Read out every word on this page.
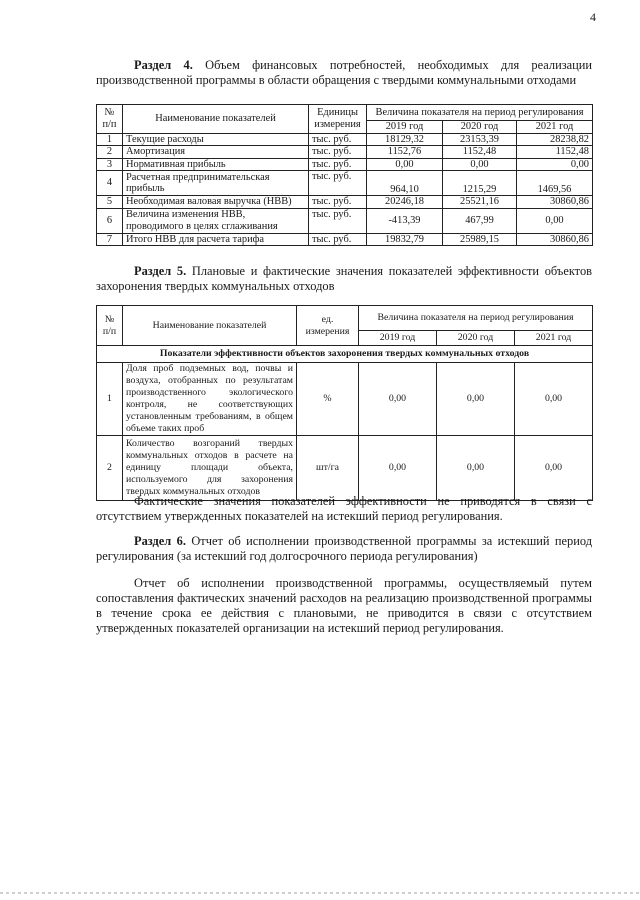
4
Раздел 4. Объем финансовых потребностей, необходимых для реализации производственной программы в области обращения с твердыми коммунальными отходами
№ п/п	Наименование показателей	Единицы измерения	Величина показателя на период регулирования		
			2019 год	2020 год	2021 год
1	Текущие расходы	тыс. руб.	18129,32	23153,39	28238,82
2	Амортизация	тыс. руб.	1152,76	1152,48	1152,48
3	Нормативная прибыль	тыс. руб.	0,00	0,00	0,00
4	Расчетная предпринимательская прибыль	тыс. руб.	964,10	1215,29	1469,56
5	Необходимая валовая выручка (НВВ)	тыс. руб.	20246,18	25521,16	30860,86
6	Величина изменения НВВ, проводимого в целях сглаживания	тыс. руб.	-413,39	467,99	0,00
7	Итого НВВ для расчета тарифа	тыс. руб.	19832,79	25989,15	30860,86
Раздел 5. Плановые и фактические значения показателей эффективности объектов захоронения твердых коммунальных отходов
№ п/п	Наименование показателей	ед. измерения	Величина показателя на период регулирования		
			2019 год	2020 год	2021 год
Показатели эффективности объектов захоронения твердых коммунальных отходов					
1	Доля проб подземных вод, почвы и воздуха, отобранных по результатам производственного экологического контроля, не соответствующих установленным требованиям, в общем объеме таких проб	%	0,00	0,00	0,00
2	Количество возгораний твердых коммунальных отходов в расчете на единицу площади объекта, используемого для захоронения твердых коммунальных отходов	шт/га	0,00	0,00	0,00
Фактические значения показателей эффективности не приводятся в связи с отсутствием утвержденных показателей на истекший период регулирования.
Раздел 6. Отчет об исполнении производственной программы за истекший период регулирования (за истекший год долгосрочного периода регулирования)
Отчет об исполнении производственной программы, осуществляемый путем сопоставления фактических значений расходов на реализацию производственной программы в течение срока ее действия с плановыми, не приводится в связи с отсутствием утвержденных показателей организации на истекший период регулирования.
